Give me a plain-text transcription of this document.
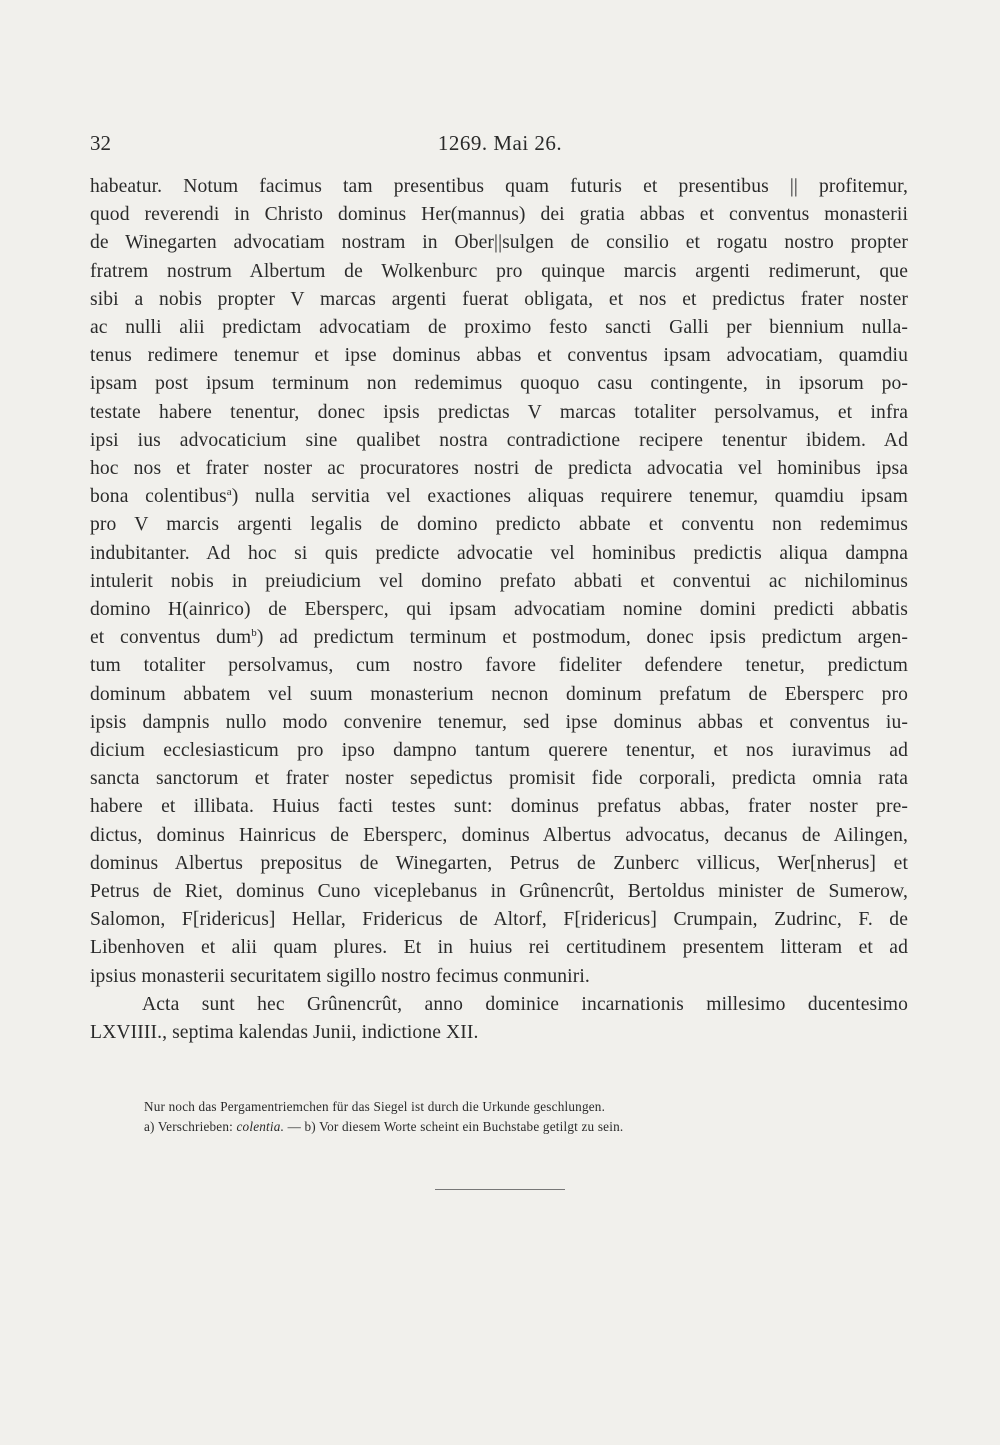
32	1269. Mai 26.

habeatur. Notum facimus tam presentibus quam futuris et presentibus || profitemur,
quod reverendi in Christo dominus Her(mannus) dei gratia abbas et conventus monasterii
de Winegarten advocatiam nostram in Ober||sulgen de consilio et rogatu nostro propter
fratrem nostrum Albertum de Wolkenburc pro quinque marcis argenti redimerunt, que
sibi a nobis propter V marcas argenti fuerat obligata, et nos et predictus frater noster
ac nulli alii predictam advocatiam de proximo festo sancti Galli per biennium nulla-
tenus redimere tenemur et ipse dominus abbas et conventus ipsam advocatiam, quamdiu
ipsam post ipsum terminum non redemimus quoquo casu contingente, in ipsorum po-
testate habere tenentur, donec ipsis predictas V marcas totaliter persolvamus, et infra
ipsi ius advocaticium sine qualibet nostra contradictione recipere tenentur ibidem. Ad
hoc nos et frater noster ac procuratores nostri de predicta advocatia vel hominibus ipsa
bona colentibus$^a$) nulla servitia vel exactiones aliquas requirere tenemur, quamdiu ipsam
pro V marcis argenti legalis de domino predicto abbate et conventu non redemimus
indubitanter. Ad hoc si quis predicte advocatie vel hominibus predictis aliqua dampna
intulerit nobis in preiudicium vel domino prefato abbati et conventui ac nichilominus
domino H(ainrico) de Ebersperc, qui ipsam advocatiam nomine domini predicti abbatis
et conventus dum$^b$) ad predictum terminum et postmodum, donec ipsis predictum argen-
tum totaliter persolvamus, cum nostro favore fideliter defendere tenetur, predictum
dominum abbatem vel suum monasterium necnon dominum prefatum de Ebersperc pro
ipsis dampnis nullo modo convenire tenemur, sed ipse dominus abbas et conventus iu-
dicium ecclesiasticum pro ipso dampno tantum querere tenentur, et nos iuravimus ad
sancta sanctorum et frater noster sepedictus promisit fide corporali, predicta omnia rata
habere et illibata. Huius facti testes sunt: dominus prefatus abbas, frater noster pre-
dictus, dominus Hainricus de Ebersperc, dominus Albertus advocatus, decanus de Ailingen,
dominus Albertus prepositus de Winegarten, Petrus de Zunberc villicus, Wer[nherus] et
Petrus de Riet, dominus Cuno viceplebanus in Grûnencrût, Bertoldus minister de Sumerow,
Salomon, F[ridericus] Hellar, Fridericus de Altorf, F[ridericus] Crumpain, Zudrinc, F. de
Libenhoven et alii quam plures. Et in huius rei certitudinem presentem litteram et ad
ipsius monasterii securitatem sigillo nostro fecimus conmuniri.

Acta sunt hec Grûnencrût, anno dominice incarnationis millesimo ducentesimo
LXVIIII., septima kalendas Junii, indictione XII.

Nur noch das Pergamentriemchen für das Siegel ist durch die Urkunde geschlungen.
a) Verschrieben: colentia. — b) Vor diesem Worte scheint ein Buchstabe getilgt zu sein.
